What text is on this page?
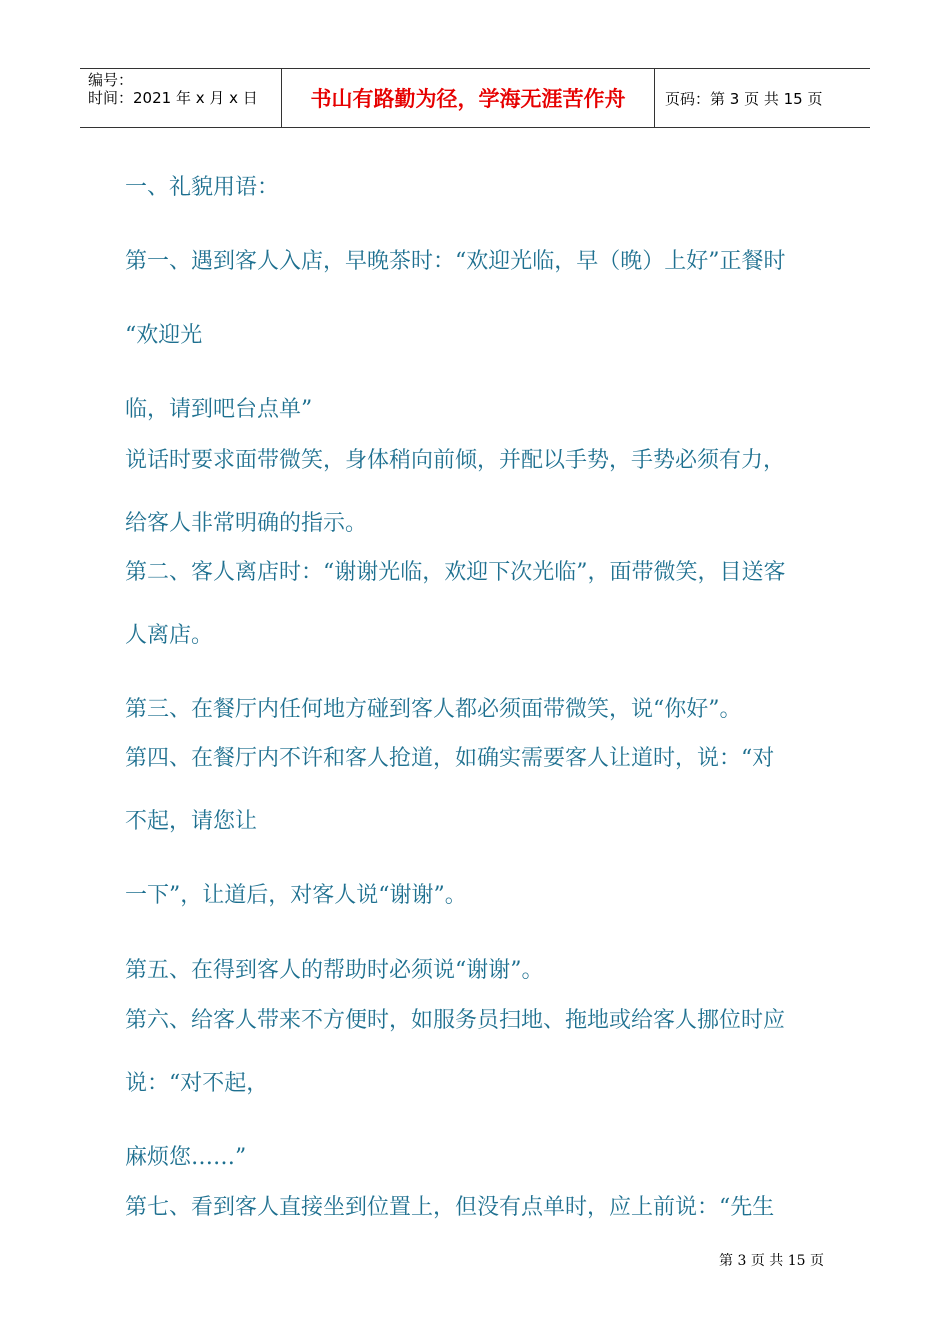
编号：
时间：2021 年 x 月 x 日	书山有路勤为径，学海无涯苦作舟	页码：第 3 页 共 15 页
一、礼貌用语：
第一、遇到客人入店，早晚茶时：“欢迎光临，早（晚）上好”正餐时
“欢迎光
临，请到吧台点单”
说话时要求面带微笑，身体稍向前倾，并配以手势，手势必须有力，
给客人非常明确的指示。
第二、客人离店时：“谢谢光临，欢迎下次光临”，面带微笑，目送客
人离店。
第三、在餐厅内任何地方碰到客人都必须面带微笑，说“你好”。
第四、在餐厅内不许和客人抢道，如确实需要客人让道时，说：“对
不起，请您让
一下”，让道后，对客人说“谢谢”。
第五、在得到客人的帮助时必须说“谢谢”。
第六、给客人带来不方便时，如服务员扫地、拖地或给客人挪位时应
说：“对不起，
麻烦您……”
第七、看到客人直接坐到位置上，但没有点单时，应上前说：“先生
第 3 页 共 15 页
